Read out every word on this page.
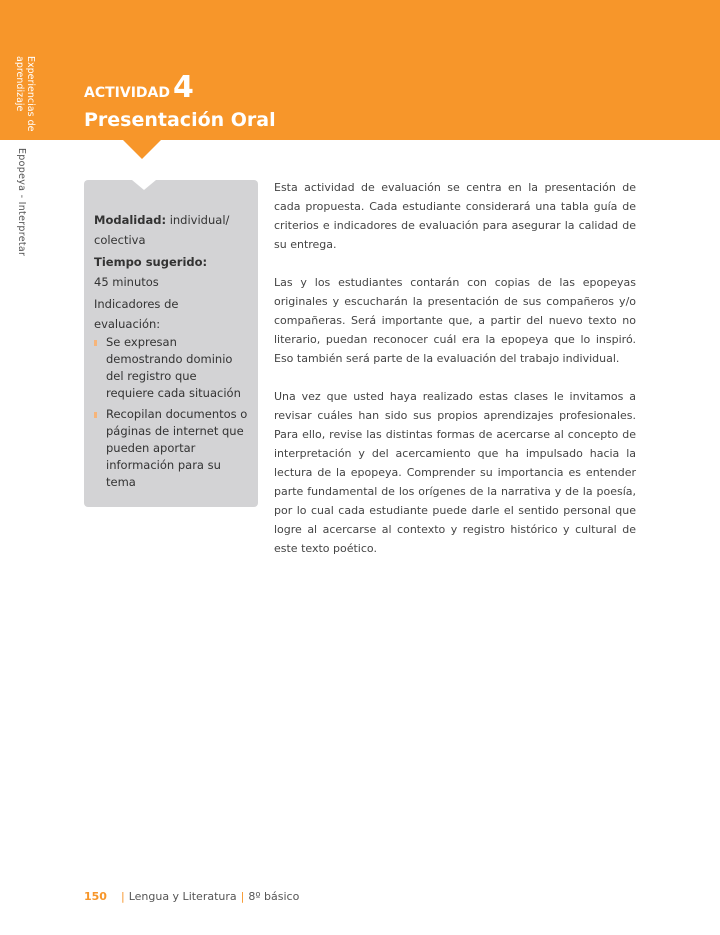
Experiencias de aprendizaje
Epopeya - Interpretar
ACTIVIDAD 4
Presentación Oral
Modalidad: individual/ colectiva
Tiempo sugerido:
45 minutos
Indicadores de evaluación:
Se expresan demostrando dominio del registro que requiere cada situación
Recopilan documentos o páginas de internet que pueden aportar información para su tema

Esta actividad de evaluación se centra en la presentación de cada propuesta. Cada estudiante considerará una tabla guía de criterios e indicadores de evaluación para asegurar la calidad de su entrega.

Las y los estudiantes contarán con copias de las epopeyas originales y escucharán la presentación de sus compañeros y/o compañeras. Será importante que, a partir del nuevo texto no literario, puedan reconocer cuál era la epopeya que lo inspiró. Eso también será parte de la evaluación del trabajo individual.

Una vez que usted haya realizado estas clases le invitamos a revisar cuáles han sido sus propios aprendizajes profesionales. Para ello, revise las distintas formas de acercarse al concepto de interpretación y del acercamiento que ha impulsado hacia la lectura de la epopeya. Comprender su importancia es entender parte fundamental de los orígenes de la narrativa y de la poesía, por lo cual cada estudiante puede darle el sentido personal que logre al acercarse al contexto y registro histórico y cultural de este texto poético.

150 | Lengua y Literatura | 8º básico
